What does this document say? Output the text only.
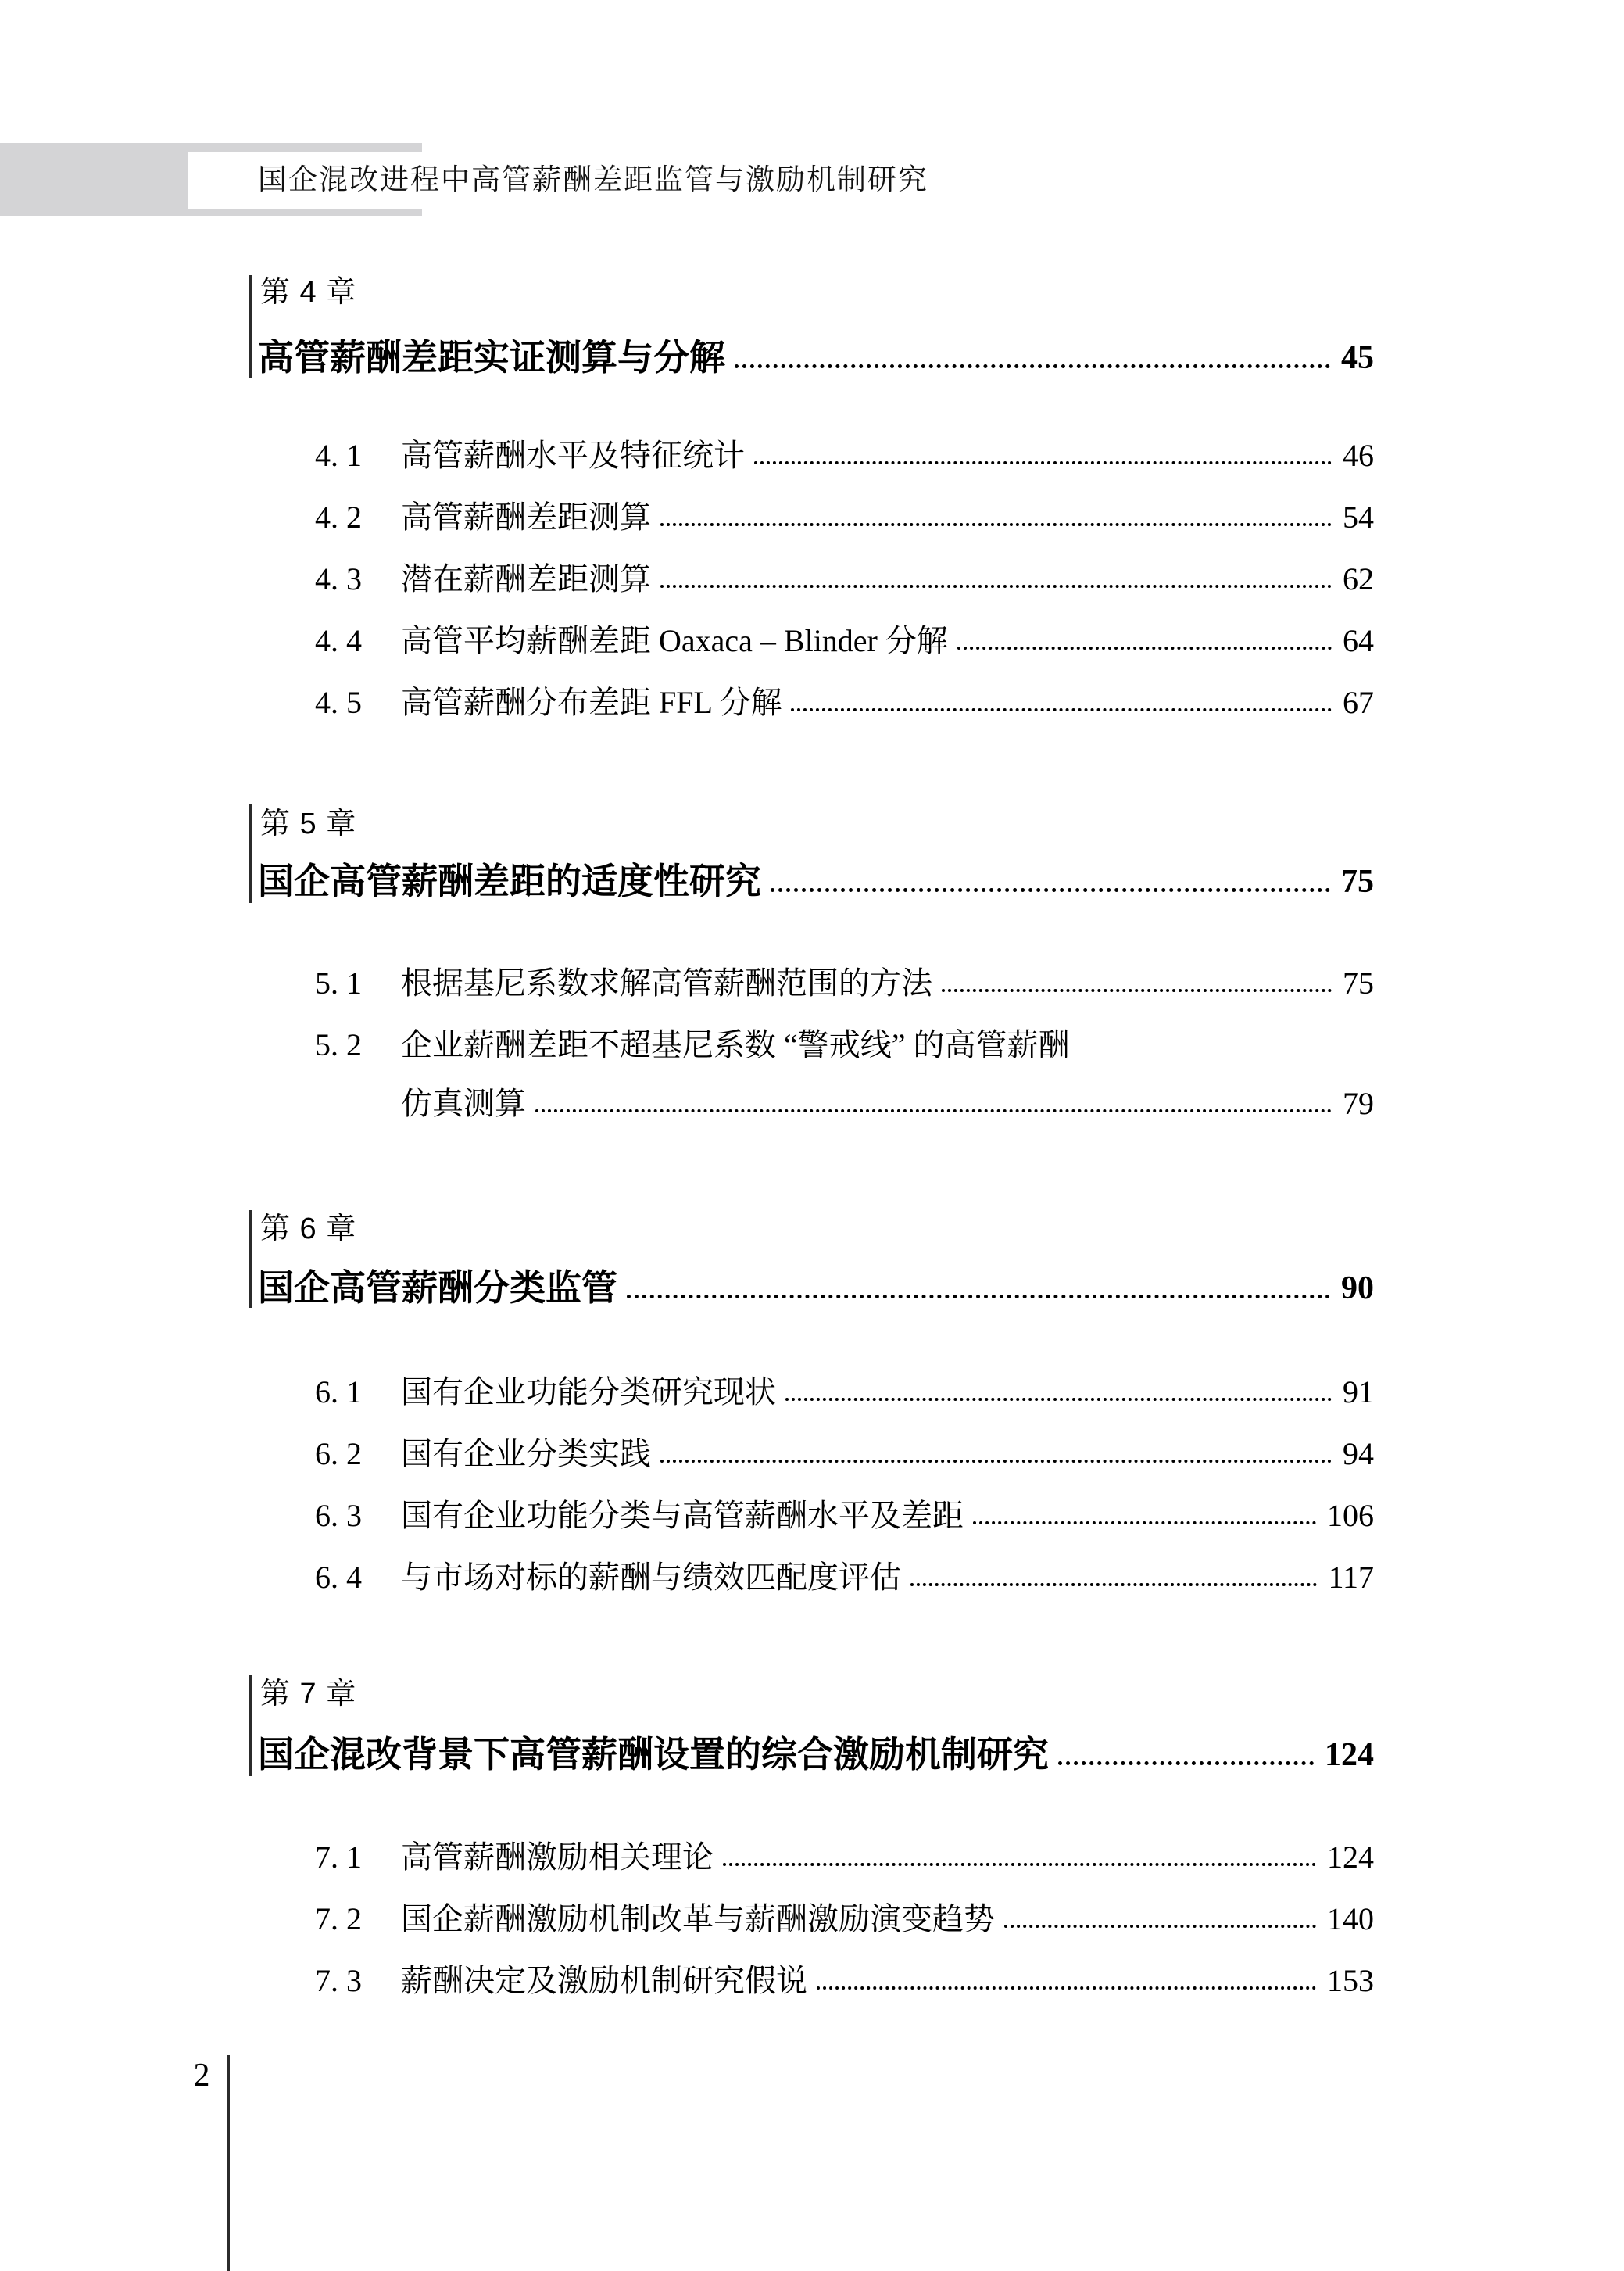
国企混改进程中高管薪酬差距监管与激励机制研究
第 4 章
高管薪酬差距实证测算与分解	45
4. 1	高管薪酬水平及特征统计	46
4. 2	高管薪酬差距测算	54
4. 3	潜在薪酬差距测算	62
4. 4	高管平均薪酬差距 Oaxaca – Blinder 分解	64
4. 5	高管薪酬分布差距 FFL 分解	67
第 5 章
国企高管薪酬差距的适度性研究	75
5. 1	根据基尼系数求解高管薪酬范围的方法	75
5. 2	企业薪酬差距不超基尼系数 “警戒线” 的高管薪酬
仿真测算	79
第 6 章
国企高管薪酬分类监管	90
6. 1	国有企业功能分类研究现状	91
6. 2	国有企业分类实践	94
6. 3	国有企业功能分类与高管薪酬水平及差距	106
6. 4	与市场对标的薪酬与绩效匹配度评估	117
第 7 章
国企混改背景下高管薪酬设置的综合激励机制研究	124
7. 1	高管薪酬激励相关理论	124
7. 2	国企薪酬激励机制改革与薪酬激励演变趋势	140
7. 3	薪酬决定及激励机制研究假说	153
2
